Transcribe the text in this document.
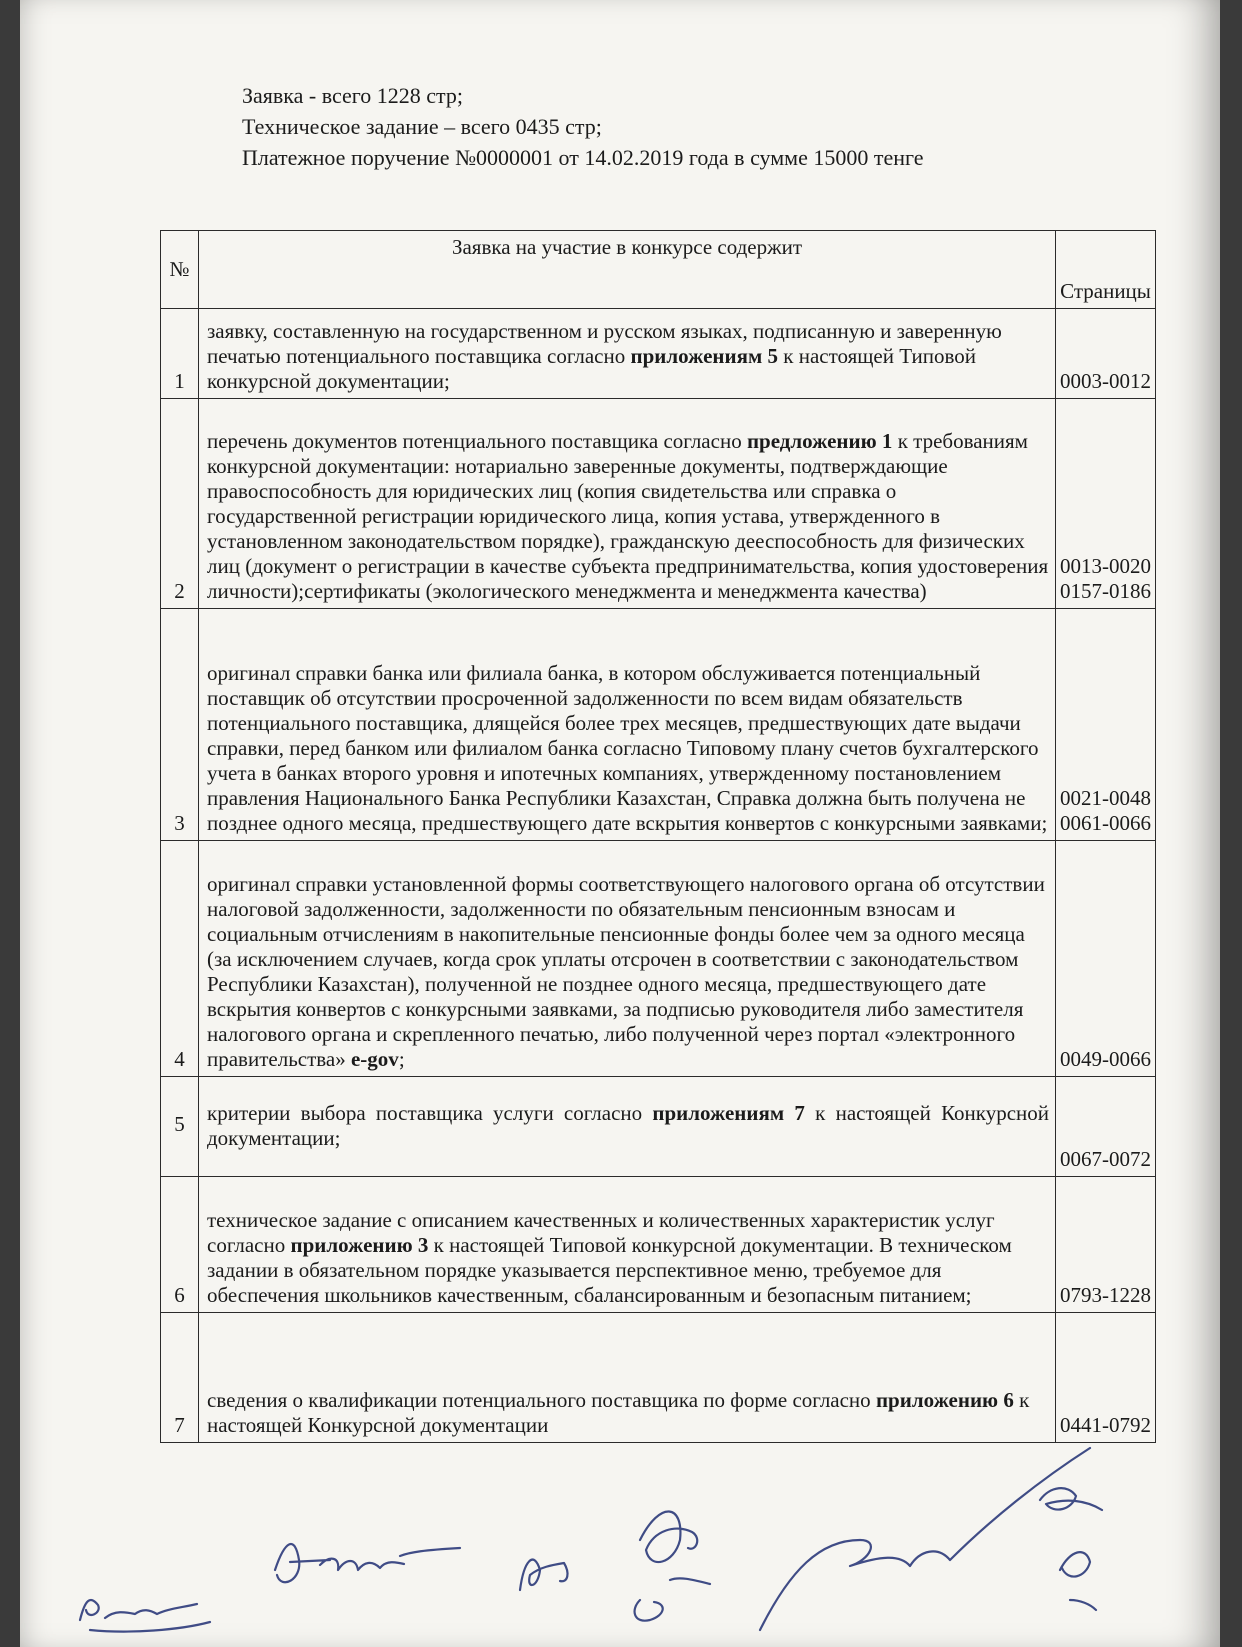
Заявка - всего 1228 стр;
Техническое задание – всего 0435 стр;
Платежное поручение №0000001 от 14.02.2019 года в сумме 15000 тенге
№	Заявка на участие в конкурсе содержит	Страницы
1	заявку, составленную на государственном и русском языках, подписанную и заверенную печатью потенциального поставщика согласно приложениям 5 к настоящей Типовой конкурсной документации;	0003-0012
2	перечень документов потенциального поставщика согласно предложению 1 к требованиям конкурсной документации: нотариально заверенные документы, подтверждающие правоспособность для юридических лиц (копия свидетельства или справка о государственной регистрации юридического лица, копия устава, утвержденного в установленном законодательством порядке), гражданскую дееспособность для физических лиц (документ о регистрации в качестве субъекта предпринимательства, копия удостоверения личности);сертификаты (экологического менеджмента и менеджмента качества)	0013-0020
0157-0186

3	оригинал справки банка или филиала банка, в котором обслуживается потенциальный поставщик об отсутствии просроченной задолженности по всем видам обязательств потенциального поставщика, длящейся более трех месяцев, предшествующих дате выдачи справки, перед банком или филиалом банка согласно Типовому плану счетов бухгалтерского учета в банках второго уровня и ипотечных компаниях, утвержденному постановлением правления Национального Банка Республики Казахстан, Справка должна быть получена не позднее одного месяца, предшествующего дате вскрытия конвертов с конкурсными заявками;	0021-0048
0061-0066

4	оригинал справки установленной формы соответствующего налогового органа об отсутствии налоговой задолженности, задолженности по обязательным пенсионным взносам и социальным отчислениям в накопительные пенсионные фонды более чем за одного месяца (за исключением случаев, когда срок уплаты отсрочен в соответствии с законодательством Республики Казахстан), полученной не позднее одного месяца, предшествующего дате вскрытия конвертов с конкурсными заявками, за подписью руководителя либо заместителя налогового органа и скрепленного печатью, либо полученной через портал «электронного правительства» e-gov;	0049-0066
5	критерии выбора поставщика услуги согласно приложениям 7 к настоящей Конкурсной документации;	0067-0072
6	техническое задание с описанием качественных и количественных характеристик услуг согласно приложению 3 к настоящей Типовой конкурсной документации. В техническом задании в обязательном порядке указывается перспективное меню, требуемое для обеспечения школьников качественным, сбалансированным и безопасным питанием;	0793-1228
7	сведения о квалификации потенциального поставщика по форме согласно приложению 6 к настоящей Конкурсной документации	0441-0792
